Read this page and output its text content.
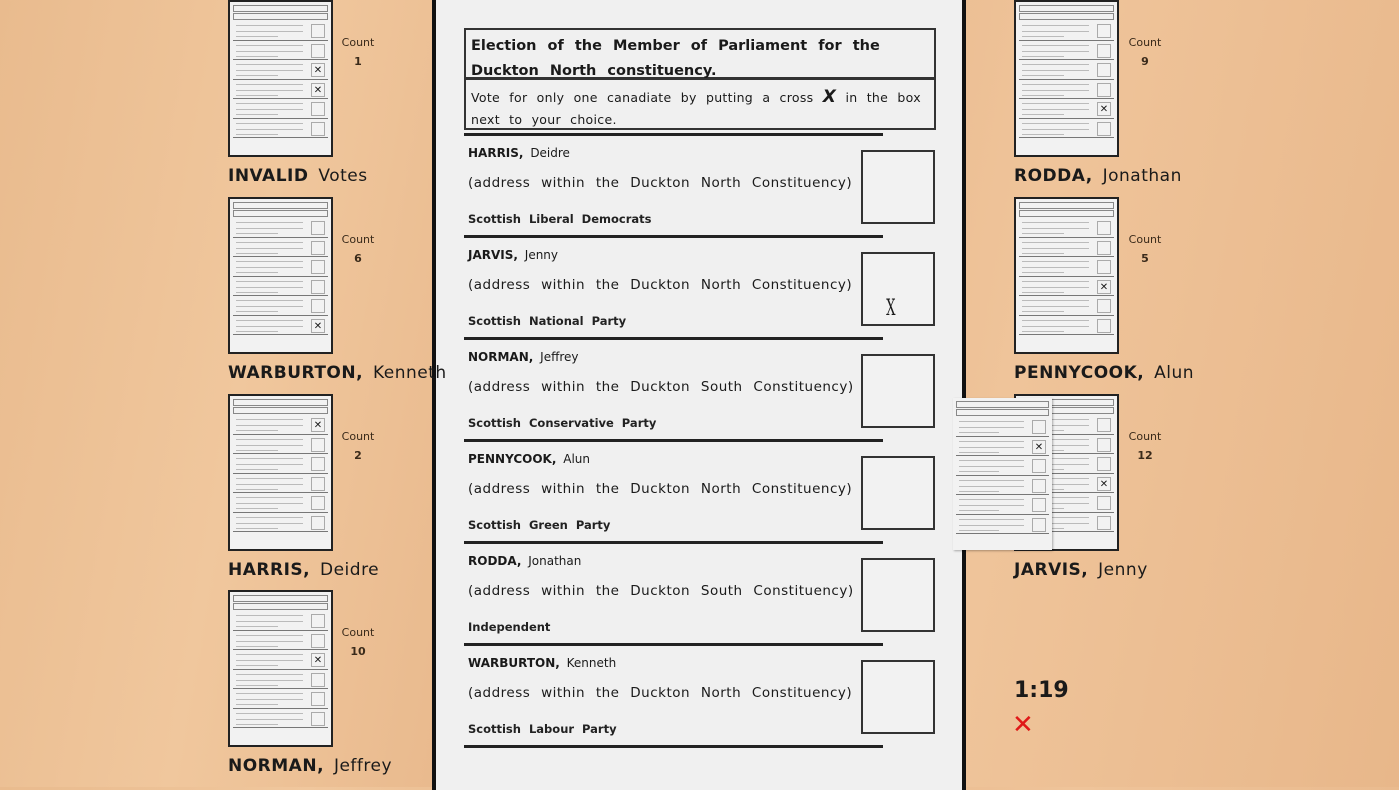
Election of the Member of Parliament for the Duckton North constituency.
Vote for only one canadiate by putting a cross X in the box next to your choice.
HARRIS, Deidre
(address within the Duckton North Constituency)
Scottish Liberal Democrats
JARVIS, Jenny
(address within the Duckton North Constituency)
Scottish National Party	X
NORMAN, Jeffrey
(address within the Duckton South Constituency)
Scottish Conservative Party
PENNYCOOK, Alun
(address within the Duckton North Constituency)
Scottish Green Party
RODDA, Jonathan
(address within the Duckton South Constituency)
Independent
WARBURTON, Kenneth
(address within the Duckton North Constituency)
Scottish Labour Party
✕
✕
Count
1
INVALID Votes
✕
Count
6
WARBURTON, Kenneth
✕
Count
2
HARRIS, Deidre
✕
Count
10
NORMAN, Jeffrey
✕
Count
9
RODDA, Jonathan
✕
Count
5
PENNYCOOK, Alun
✕
Count
12
JARVIS, Jenny
✕
1:19
✕
